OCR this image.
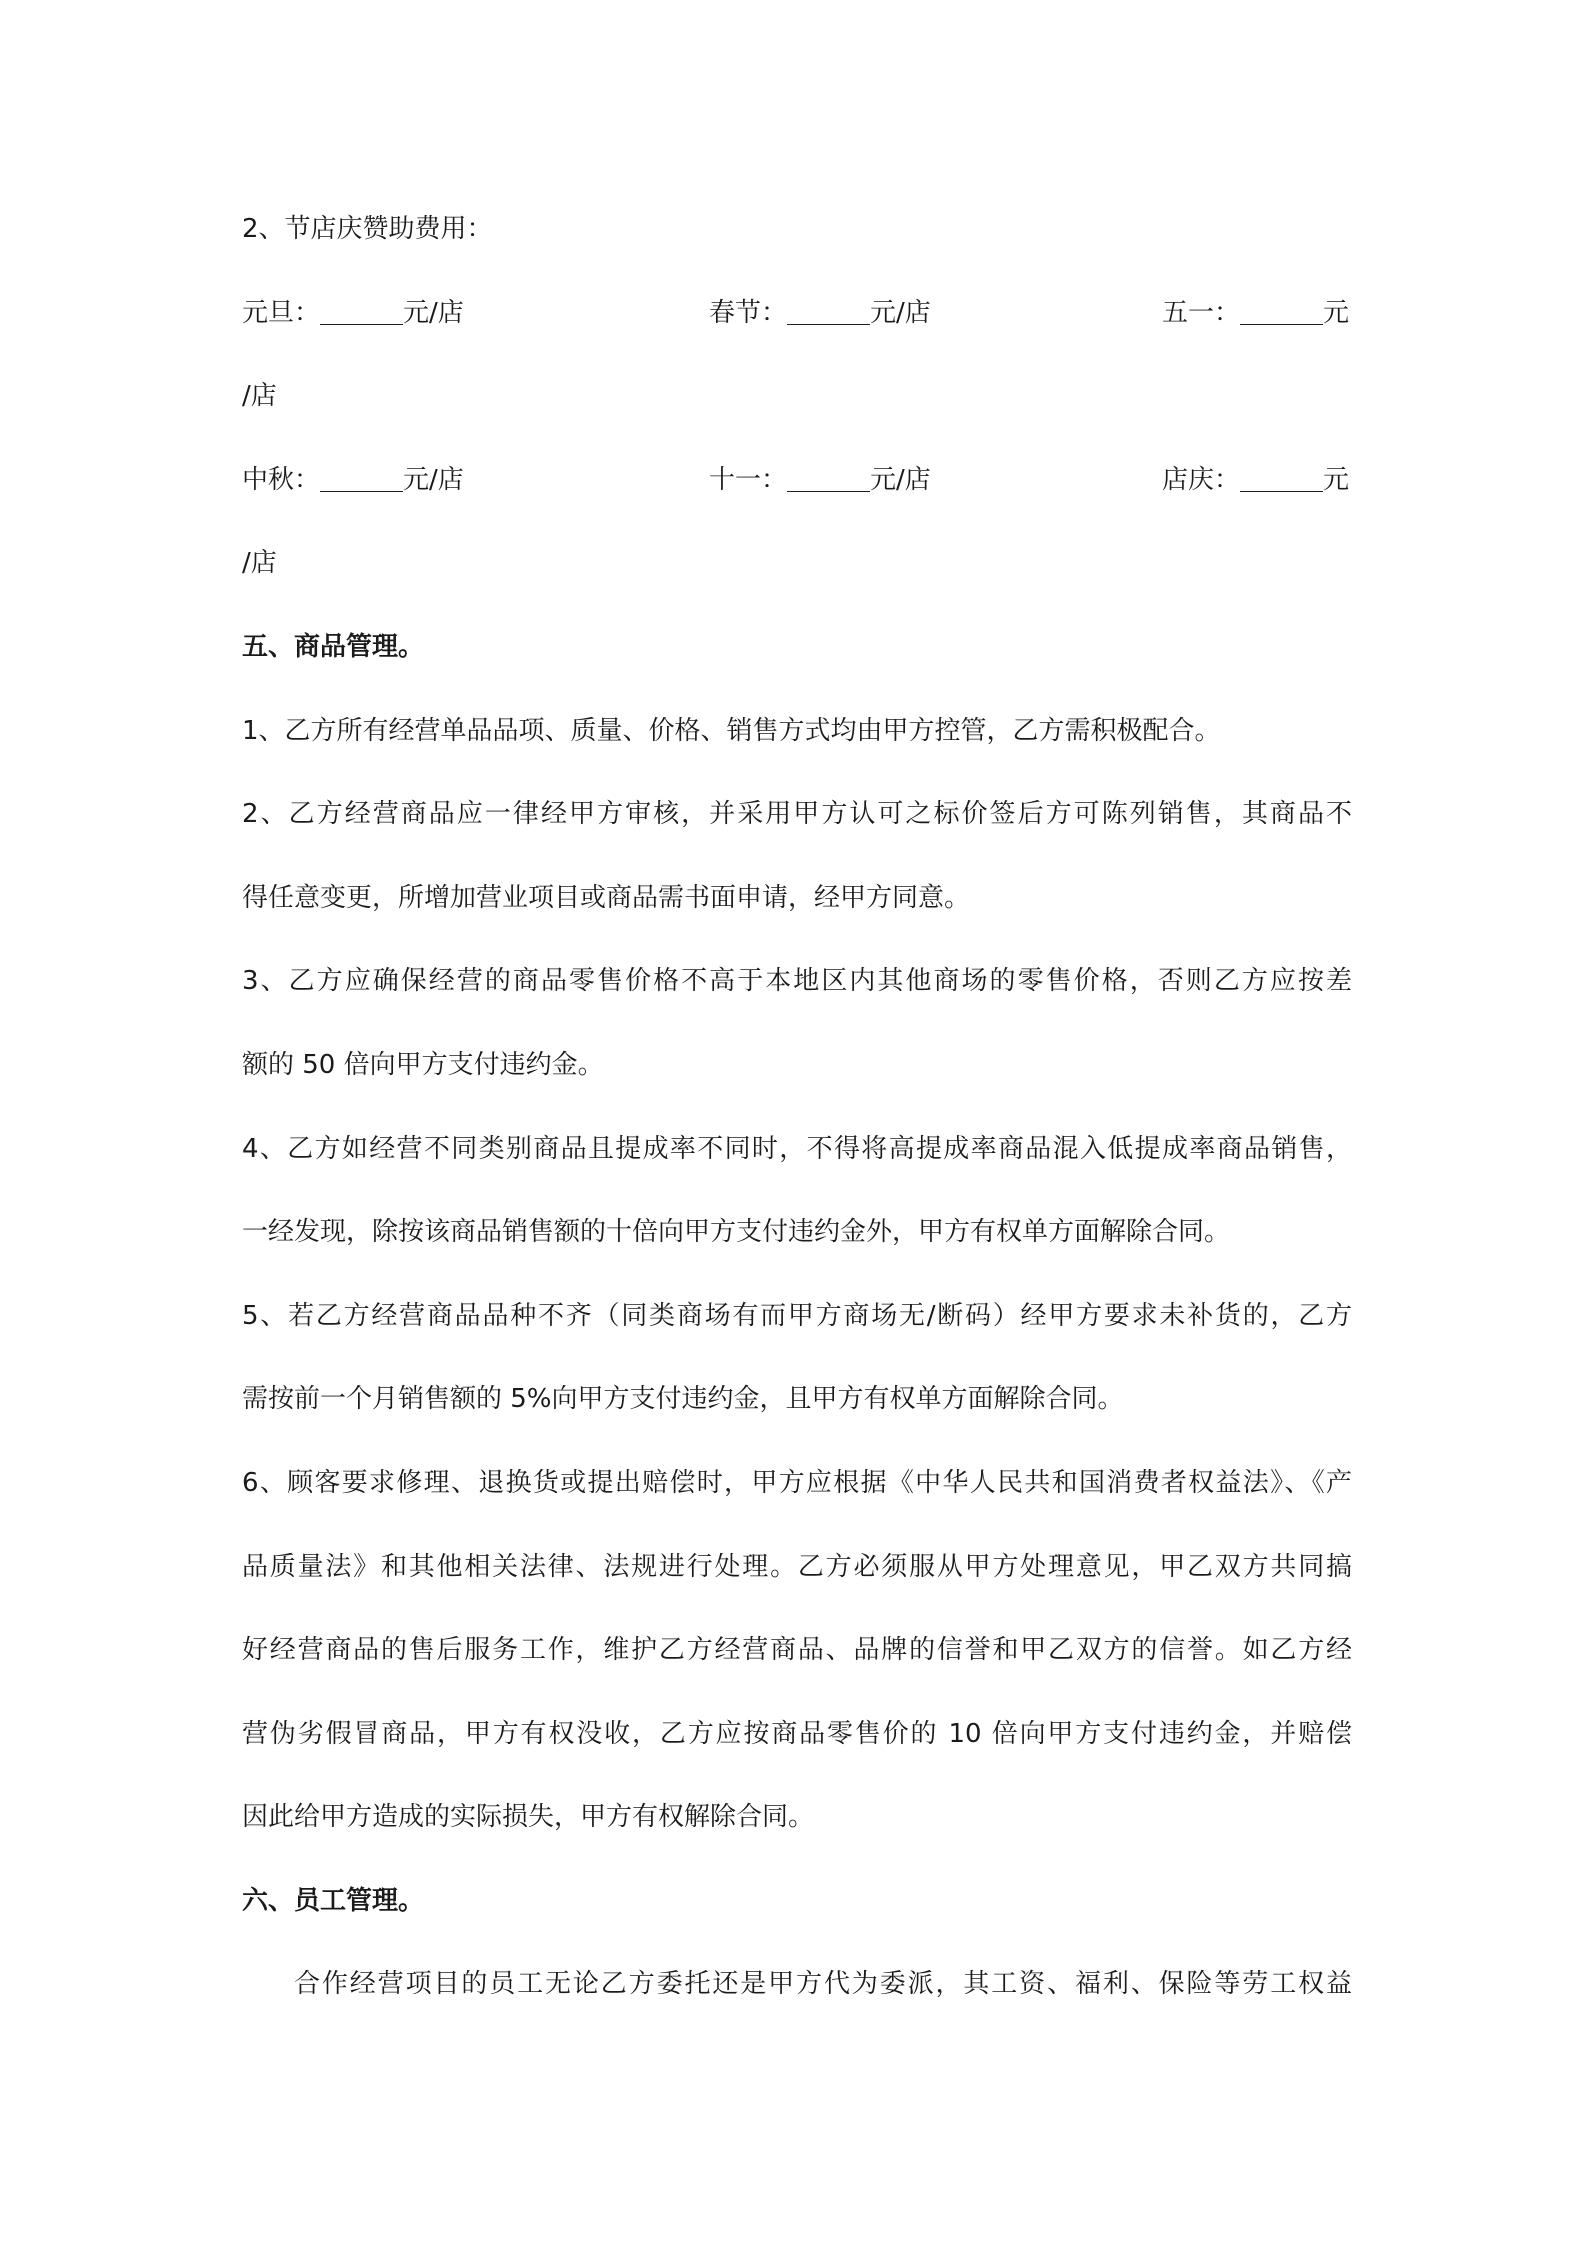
2、节店庆赞助费用：
元旦：	元/店	春节：	元/店	五一：	元
/店
中秋：	元/店	十一：	元/店	店庆：	元
/店
五、商品管理。
1、乙方所有经营单品品项、质量、价格、销售方式均由甲方控管，乙方需积极配合。
2、乙方经营商品应一律经甲方审核，并采用甲方认可之标价签后方可陈列销售，其商品不
得任意变更，所增加营业项目或商品需书面申请，经甲方同意。
3、乙方应确保经营的商品零售价格不高于本地区内其他商场的零售价格，否则乙方应按差
额的 50 倍向甲方支付违约金。
4、乙方如经营不同类别商品且提成率不同时，不得将高提成率商品混入低提成率商品销售，
一经发现，除按该商品销售额的十倍向甲方支付违约金外，甲方有权单方面解除合同。
5、若乙方经营商品品种不齐（同类商场有而甲方商场无/断码）经甲方要求未补货的，乙方
需按前一个月销售额的 5%向甲方支付违约金，且甲方有权单方面解除合同。
6、顾客要求修理、退换货或提出赔偿时，甲方应根据《中华人民共和国消费者权益法》、《产
品质量法》和其他相关法律、法规进行处理。乙方必须服从甲方处理意见，甲乙双方共同搞
好经营商品的售后服务工作，维护乙方经营商品、品牌的信誉和甲乙双方的信誉。如乙方经
营伪劣假冒商品，甲方有权没收，乙方应按商品零售价的 10 倍向甲方支付违约金，并赔偿
因此给甲方造成的实际损失，甲方有权解除合同。
六、员工管理。
合作经营项目的员工无论乙方委托还是甲方代为委派，其工资、福利、保险等劳工权益
